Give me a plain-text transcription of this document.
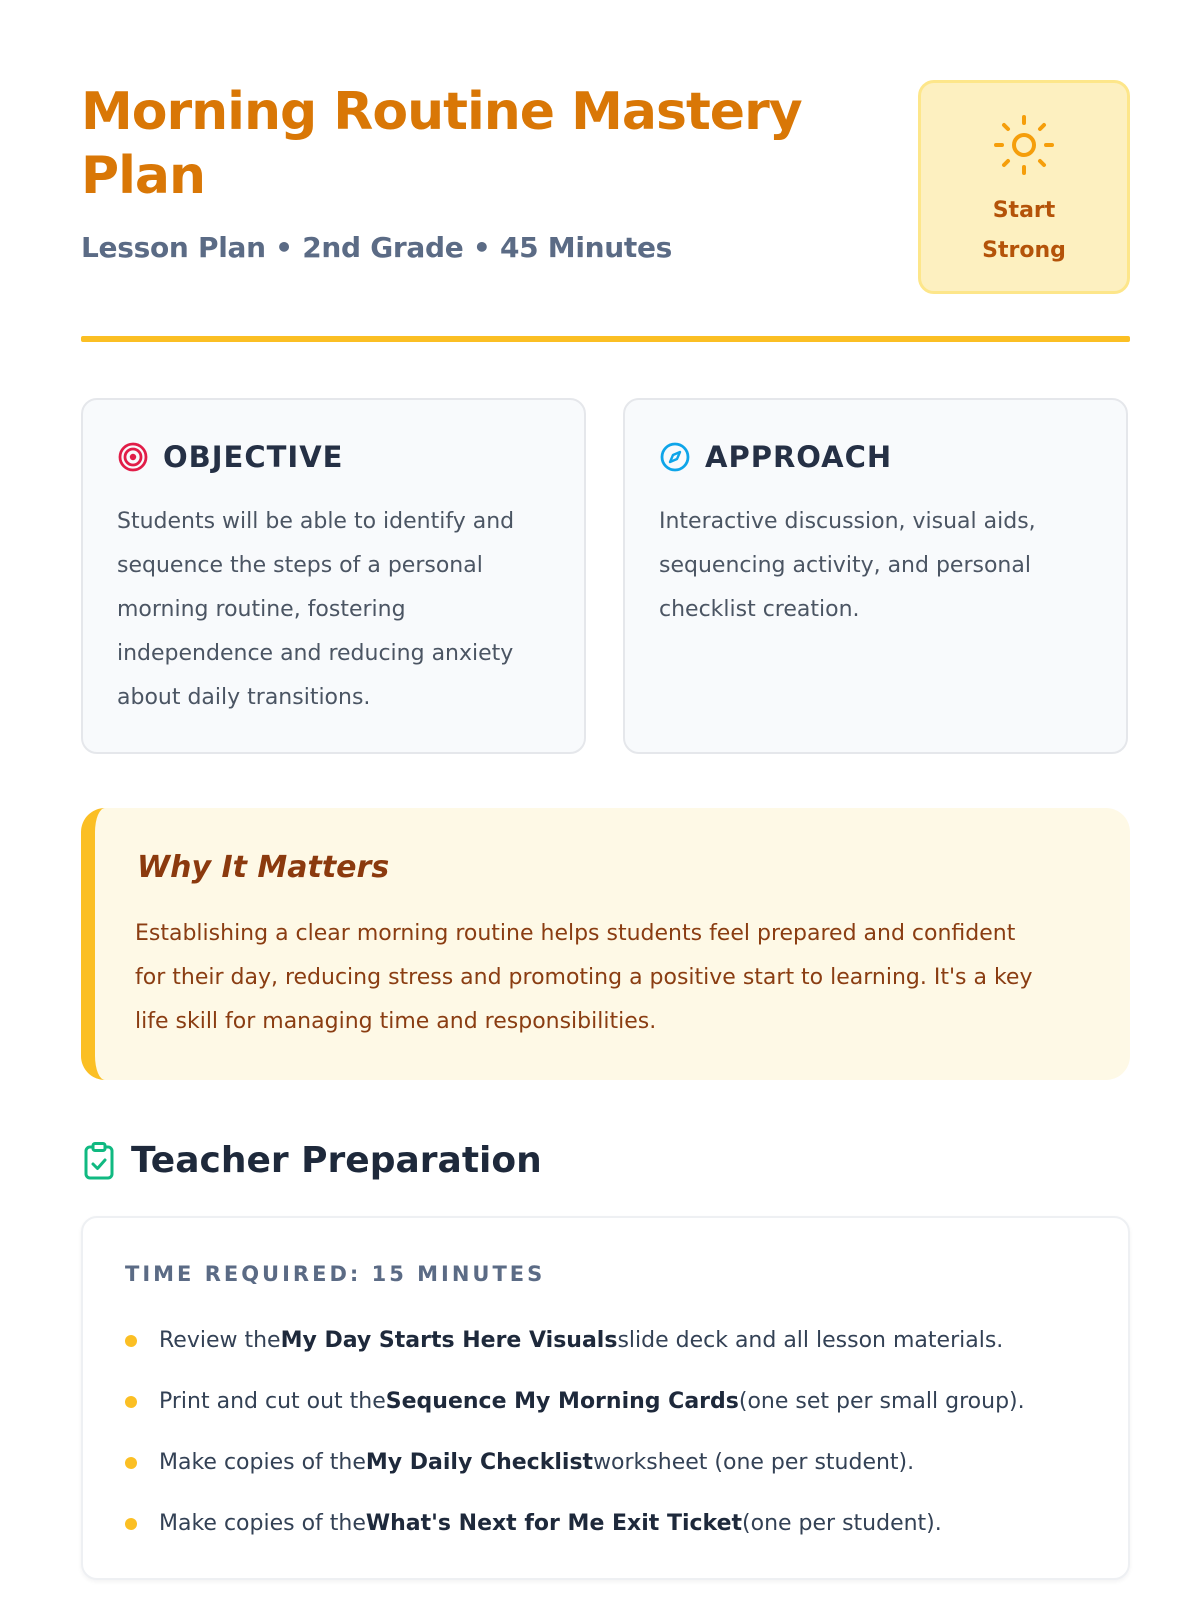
Morning Routine Mastery Plan
Lesson Plan • 2nd Grade • 45 Minutes
Start Strong
OBJECTIVE

Students will be able to identify and sequence the steps of a personal morning routine, fostering independence and reducing anxiety about daily transitions.

APPROACH

Interactive discussion, visual aids, sequencing activity, and personal checklist creation.

Why It Matters

Establishing a clear morning routine helps students feel prepared and confident for their day, reducing stress and promoting a positive start to learning. It's a key life skill for managing time and responsibilities.

Teacher Preparation
TIME REQUIRED: 15 MINUTES
Review the My Day Starts Here Visuals slide deck and all lesson materials.
Print and cut out the Sequence My Morning Cards (one set per small group).
Make copies of the My Daily Checklist worksheet (one per student).
Make copies of the What's Next for Me Exit Ticket (one per student).
